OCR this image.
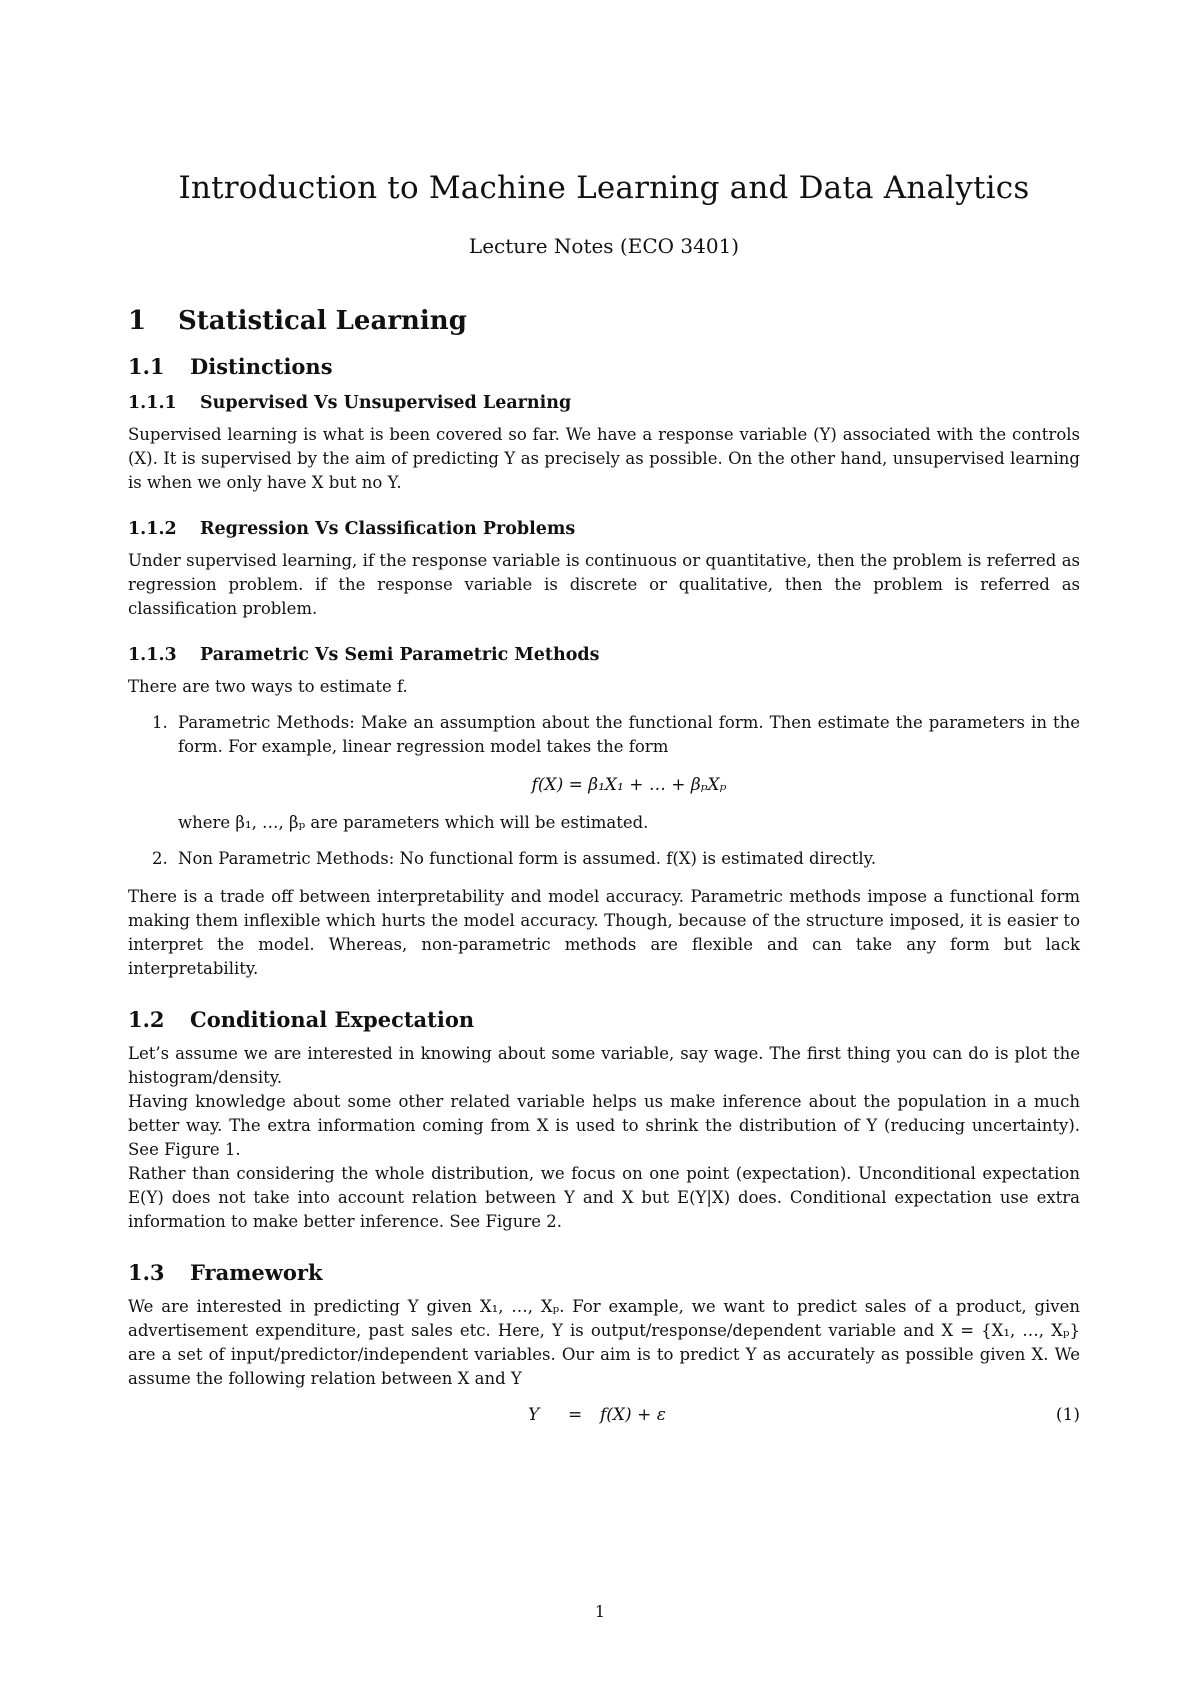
Introduction to Machine Learning and Data Analytics
Lecture Notes (ECO 3401)
1 Statistical Learning
1.1 Distinctions
1.1.1 Supervised Vs Unsupervised Learning

Supervised learning is what is been covered so far. We have a response variable (Y) associated with the controls (X). It is supervised by the aim of predicting Y as precisely as possible. On the other hand, unsupervised learning is when we only have X but no Y.

1.1.2 Regression Vs Classification Problems

Under supervised learning, if the response variable is continuous or quantitative, then the problem is referred as regression problem. if the response variable is discrete or qualitative, then the problem is referred as classification problem.

1.1.3 Parametric Vs Semi Parametric Methods

There are two ways to estimate f.

1. Parametric Methods: Make an assumption about the functional form. Then estimate the parameters in the form. For example, linear regression model takes the form
f(X) = β₁X₁ + … + βₚXₚ
where β₁, …, βₚ are parameters which will be estimated.
2. Non Parametric Methods: No functional form is assumed. f(X) is estimated directly.

There is a trade off between interpretability and model accuracy. Parametric methods impose a functional form making them inflexible which hurts the model accuracy. Though, because of the structure imposed, it is easier to interpret the model. Whereas, non-parametric methods are flexible and can take any form but lack interpretability.

1.2 Conditional Expectation

Let’s assume we are interested in knowing about some variable, say wage. The first thing you can do is plot the histogram/density.

Having knowledge about some other related variable helps us make inference about the population in a much better way. The extra information coming from X is used to shrink the distribution of Y (reducing uncertainty). See Figure 1.

Rather than considering the whole distribution, we focus on one point (expectation). Unconditional expectation E(Y) does not take into account relation between Y and X but E(Y|X) does. Conditional expectation use extra information to make better inference. See Figure 2.

1.3 Framework

We are interested in predicting Y given X₁, …, Xₚ. For example, we want to predict sales of a product, given advertisement expenditure, past sales etc. Here, Y is output/response/dependent variable and X = {X₁, …, Xₚ} are a set of input/predictor/independent variables. Our aim is to predict Y as accurately as possible given X. We assume the following relation between X and Y

Y = f(X) + ε	(1)
1
